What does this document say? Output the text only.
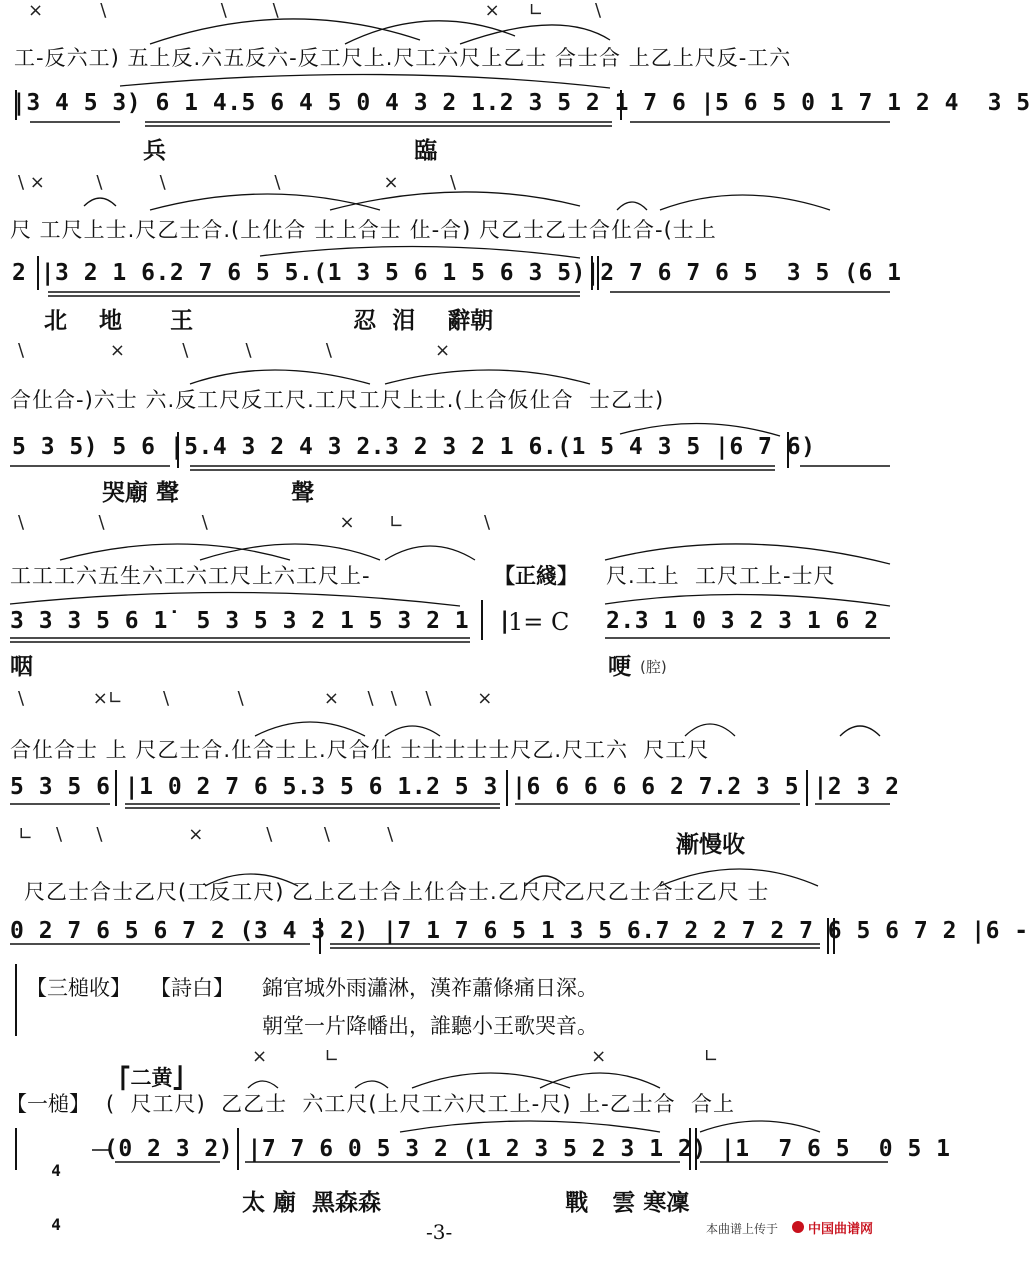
×          \                    \        \                                    ×     ∟         \
工-反六工) 五上反.六五反六-反工尺上.尺工六尺上乙士 合士合 上乙上尺反-工六
|3 4 5 3) 6 1 4.5 6 4 5 0 4 3 2 1.2 3 5 2 1 7 6 |5 6 5 0 1 7 1 2 4  3 5
兵                               臨
\ ×         \          \                   \                  ×         \
尺 工尺上士.尺乙士合.(上仩合 士上合士 仩-合) 尺乙士乙士合仩合-(士上
2 |3 2 1 6.2 7 6 5 5.(1 3 5 6 1 5 6 3 5)|2 7 6 7 6 5  3 5 (6 1
北    地      王                    忍  泪    辭朝
\               ×          \          \             \                  ×
合仩合-)六士 六.反工尺反工尺.工尺工尺上士.(上合仮仩合  士乙士)
5 3 5) 5 6 |5.4 3 2 4 3 2.3 2 3 2 1 6.(1 5 4 3 5 |6 7 6)
哭廟 聲              聲
\             \                 \                       ×      ∟              \
工工工六五生六工六工尺上六工尺上-	【正綫】 尺.工上  工尺工上-士尺
3 3 3 5 6 1̇  5 3 5 3 2 1 5 3 2 1  |
1= C 2.3 1 0 3 2 3 1 6 2
咽	哽 (腔)
\            ×∟       \            \              ×     \   \     \        ×
合仩合士 上 尺乙士合.仩合士上.尺合仩 士士士士士尺乙.尺工六  尺工尺
5 3 5 6 |1 0 2 7 6 5.3 5 6 1.2 5 3 |6 6 6 6 6 2 7.2 3 5 |2 3 2
∟    \      \               ×           \         \          \	漸慢收
尺乙士合士乙尺(工反工尺) 乙上乙士合上仩合士.乙尺尺乙尺乙士合士乙尺 士
0 2 7 6 5 6 7 2 (3 4 3 2) |7 1 7 6 5 1 3 5 6.7 2 2 7 2 7 6 5 6 7 2 |6 -
【三槌收】 【詩白】 錦官城外雨瀟淋，漢祚蕭條痛日深。
朝堂一片降幡出，誰聽小王歌哭音。
⎡二黄⎦
×          ∟                                            ×                 ∟
【一槌】 (  尺工尺)  乙乙士  六工尺(上尺工六尺工上-尺) 上-乙士合  合上

4

4

(0 2 3 2) |7 7 6 0 5 3 2 (1 2 3 5 2 3 1 2) |1  7 6 5  0 5 1
太 廟  黑森森                       戰   雲 寒凜
-3-	本曲谱上传于 中国曲谱网
